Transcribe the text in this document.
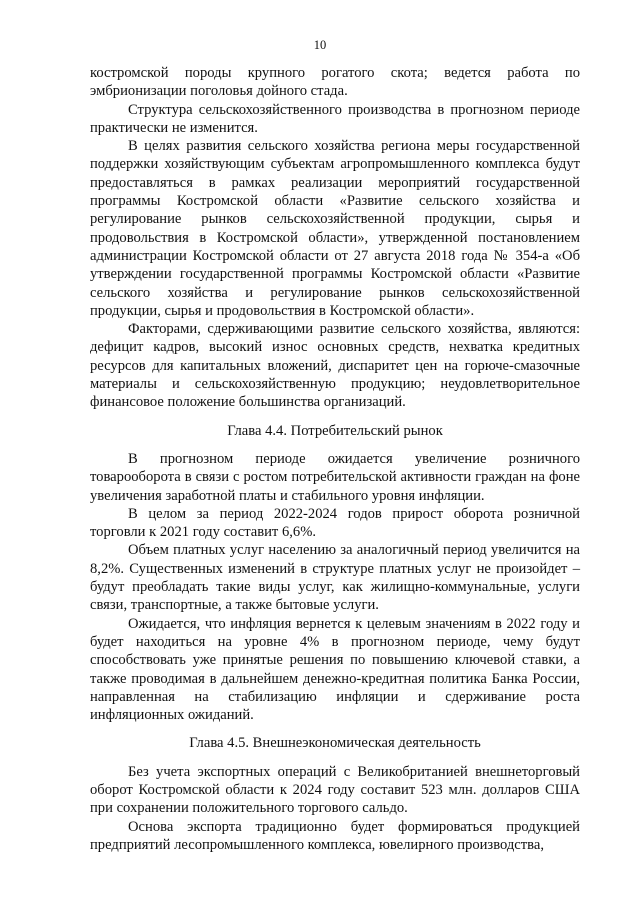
10

костромской породы крупного рогатого скота; ведется работа по эмбрионизации поголовья дойного стада.

Структура сельскохозяйственного производства в прогнозном периоде практически не изменится.

В целях развития сельского хозяйства региона меры государственной поддержки хозяйствующим субъектам агропромышленного комплекса будут предоставляться в рамках реализации мероприятий государственной программы Костромской области «Развитие сельского хозяйства и регулирование рынков сельскохозяйственной продукции, сырья и продовольствия в Костромской области», утвержденной постановлением администрации Костромской области от 27 августа 2018 года № 354-а «Об утверждении государственной программы Костромской области «Развитие сельского хозяйства и регулирование рынков сельскохозяйственной продукции, сырья и продовольствия в Костромской области».

Факторами, сдерживающими развитие сельского хозяйства, являются: дефицит кадров, высокий износ основных средств, нехватка кредитных ресурсов для капитальных вложений, диспаритет цен на горюче-смазочные материалы и сельскохозяйственную продукцию; неудовлетворительное финансовое положение большинства организаций.

Глава 4.4. Потребительский рынок

В прогнозном периоде ожидается увеличение розничного товарооборота в связи с ростом потребительской активности граждан на фоне увеличения заработной платы и стабильного уровня инфляции.

В целом за период 2022-2024 годов прирост оборота розничной торговли к 2021 году составит 6,6%.

Объем платных услуг населению за аналогичный период увеличится на 8,2%. Существенных изменений в структуре платных услуг не произойдет – будут преобладать такие виды услуг, как жилищно-коммунальные, услуги связи, транспортные, а также бытовые услуги.

Ожидается, что инфляция вернется к целевым значениям в 2022 году и будет находиться на уровне 4% в прогнозном периоде, чему будут способствовать уже принятые решения по повышению ключевой ставки, а также проводимая в дальнейшем денежно-кредитная политика Банка России, направленная на стабилизацию инфляции и сдерживание роста инфляционных ожиданий.

Глава 4.5. Внешнеэкономическая деятельность

Без учета экспортных операций с Великобританией внешнеторговый оборот Костромской области к 2024 году составит 523 млн. долларов США при сохранении положительного торгового сальдо.

Основа экспорта традиционно будет формироваться продукцией предприятий лесопромышленного комплекса, ювелирного производства,
